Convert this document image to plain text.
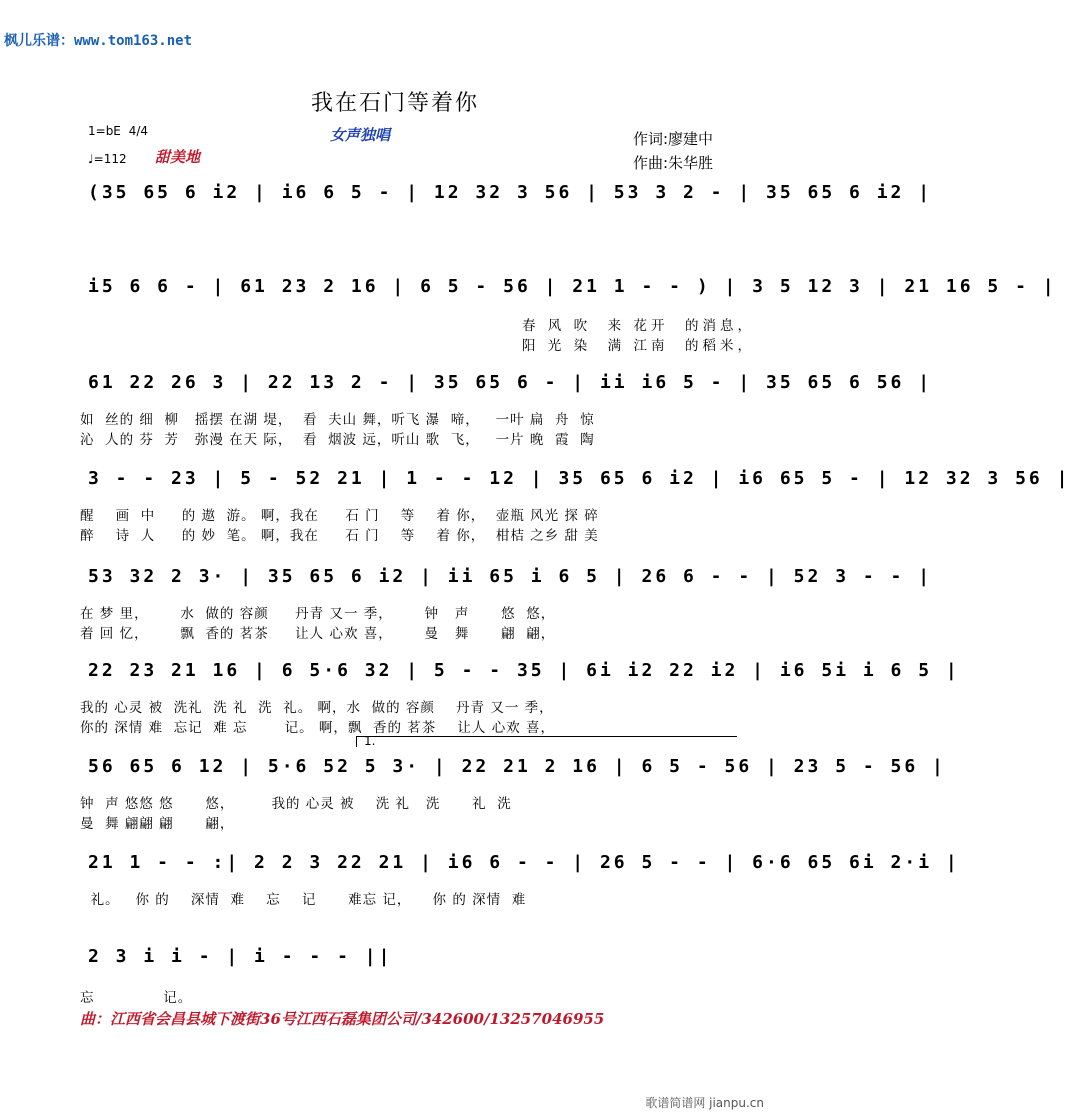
枫儿乐谱：www.tom163.net
我在石门等着你
女声独唱	作词:廖建中
作曲:朱华胜
1=bE 4/4
♩=112 甜美地
(35 65 6 i2 | i6 6 5 - | 12 32 3 56 | 53 3 2 - | 35 65 6 i2 |
i5 6 6 - | 61 23 2 16 | 6 5 - 56 | 21 1 - - ) | 3 5 12 3 | 21 16 5 - |
春 风 吹  来 花开  的消息，
阳 光 染  满 江南  的稻米，
61 22 26 3 | 22 13 2 - | 35 65 6 - | ii i6 5 - | 35 65 6 56 |
如  丝的 细  柳   摇摆 在湖 堤，  看  夫山 舞，听飞 瀑  啼，   一叶 扁  舟  惊
沁  人的 芬  芳   弥漫 在天 际，  看  烟波 远，听山 歌  飞，   一片 晚  霞  陶
3 - - 23 | 5 - 52 21 | 1 - - 12 | 35 65 6 i2 | i6 65 5 - | 12 32 3 56 |
醒    画  中     的 遨  游。 啊，我在     石 门    等    着 你，  壶瓶 风光 探 碎
醉    诗  人     的 妙  笔。 啊，我在     石 门    等    着 你，  柑桔 之乡 甜 美
53 32 2 3· | 35 65 6 i2 | ii 65 i 6 5 | 26 6 - - | 52 3 - - |
在 梦 里，      水  做的 容颜     丹青 又一 季，      钟   声      悠  悠，
着 回 忆，      飘  香的 茗茶     让人 心欢 喜，      曼   舞      翩  翩，
22 23 21 16 | 6 5·6 32 | 5 - - 35 | 6i i2 22 i2 | i6 5i i 6 5 |
我的 心灵 被  洗礼  洗 礼  洗  礼。 啊，水  做的 容颜    丹青 又一 季，
你的 深情 难  忘记  难 忘       记。 啊，飘  香的 茗茶    让人 心欢 喜，
1.
56 65 6 12 | 5·6 52 5 3· | 22 21 2 16 | 6 5 - 56 | 23 5 - 56 |
钟  声 悠悠 悠      悠，       我的 心灵 被    洗 礼   洗      礼  洗
曼  舞 翩翩 翩      翩，
21 1 - - :| 2 2 3 22 21 | i6 6 - - | 26 5 - - | 6·6 65 6i 2·i |
礼。   你 的    深情  难    忘    记      难忘 记，    你 的 深情  难
2 3 i i - | i - - - ||
忘             记。
曲：江西省会昌县城下渡街36号江西石磊集团公司/342600/13257046955
歌谱简谱网 jianpu.cn
